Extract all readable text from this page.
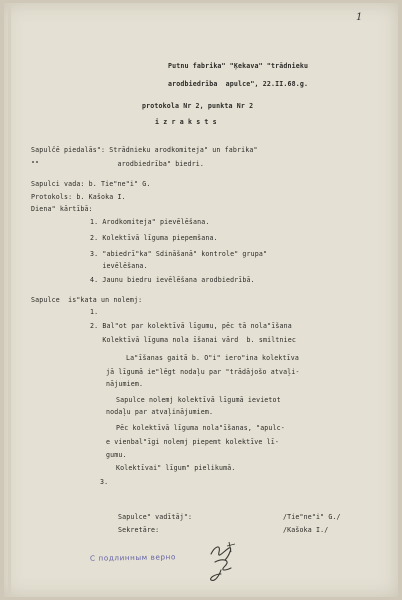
1
Putnu fabrika" "Ķekava" "trādnieku
arodbiedrība  apulce", 22.II.68.g.
protokola Nr 2, punkta Nr 2
i z r a k s t s
Sapulčē piedalās": Strādnieku arodkomiteja" un fabrika"
""                   arodbiedrība" biedri.
Sapulci vada: b. Tie"ne"i" G.
Protokols: b. Kašoka I.
Diena" kārtībā:
1. Arodkomiteja" pievēlēšana.
2. Kolektīvā līguma piepemšana.
3. "abiedrī"ka" Sdināšanā" kontrole" grupa"
ievēlēšana.
4. Jaunu biedru ievēlēšana arodbiedrībā.
Sapulce  is"kata un nolemj:
1.
2. Bal"ot par kolektīvā līgumu, pēc tā nola"īšana
Kolektīvā līguma nola īšanai vārd  b. smiltniec
La"īšanas gaitā b. O"i" iero"ina kolektīva
jā līgumā ie"lēgt nodaļu par "trādājošo atvaļi-
nājumiem.
Sapulce nolemj kolektīvā līgumā ievietot
nodaļu par atvaļinājumiem.
Pēc kolektīvā līguma nola"īšanas, "apulc-
e vienbal"īgi nolemj piepemt kolektīve lī-
gumu.
Kolektīvai" līgum" pielikumā.
3.
Sapulce" vadītāj":	/Tie"ne"i" G./
Sekretāre:	/Kašoka I./
С подлинным верно
